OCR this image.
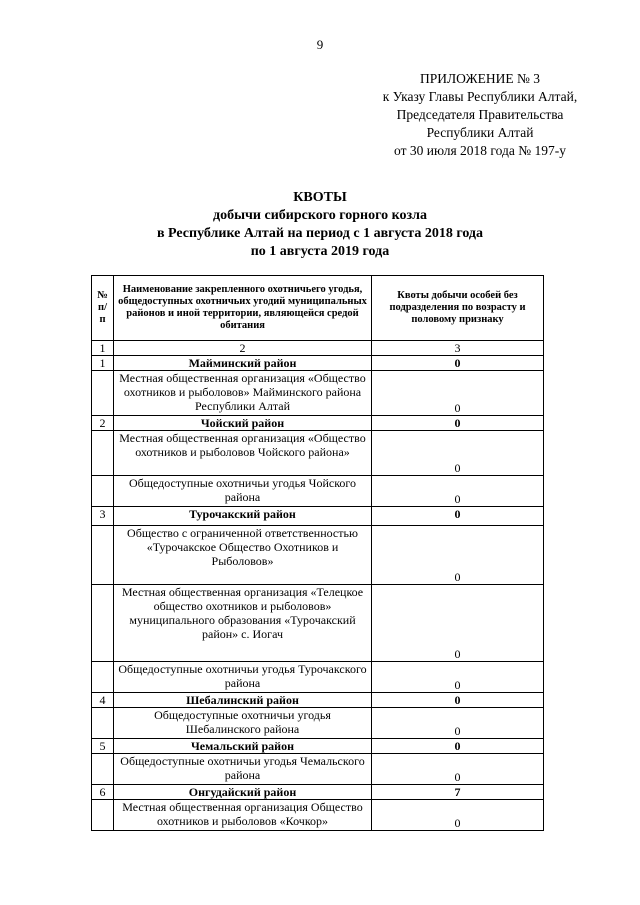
9
ПРИЛОЖЕНИЕ № 3
к Указу Главы Республики Алтай,
Председателя Правительства
Республики Алтай
от 30 июля 2018 года № 197-у
КВОТЫ
добычи сибирского горного козла
в Республике Алтай на период с 1 августа 2018 года
по 1 августа 2019 года
№ п/п	Наименование закрепленного охотничьего угодья, общедоступных охотничьих угодий муниципальных районов и иной территории, являющейся средой обитания	Квоты добычи особей без подразделения по возрасту и половому признаку
1	2	3
1	Майминский район	0
	Местная общественная организация «Общество охотников и рыболовов» Майминского района Республики Алтай	0
2	Чойский район	0
	Местная общественная организация «Общество охотников и рыболовов Чойского района»	0
	Общедоступные охотничьи угодья Чойского района	0
3	Турочакский район	0
	Общество с ограниченной ответственностью «Турочакское Общество Охотников и Рыболовов»	0
	Местная общественная организация «Телецкое общество охотников и рыболовов» муниципального образования «Турочакский район» с. Иогач	0
	Общедоступные охотничьи угодья Турочакского района	0
4	Шебалинский район	0
	Общедоступные охотничьи угодья Шебалинского района	0
5	Чемальский район	0
	Общедоступные охотничьи угодья Чемальского района	0
6	Онгудайский район	7
	Местная общественная организация Общество охотников и рыболовов «Кочкор»	0
